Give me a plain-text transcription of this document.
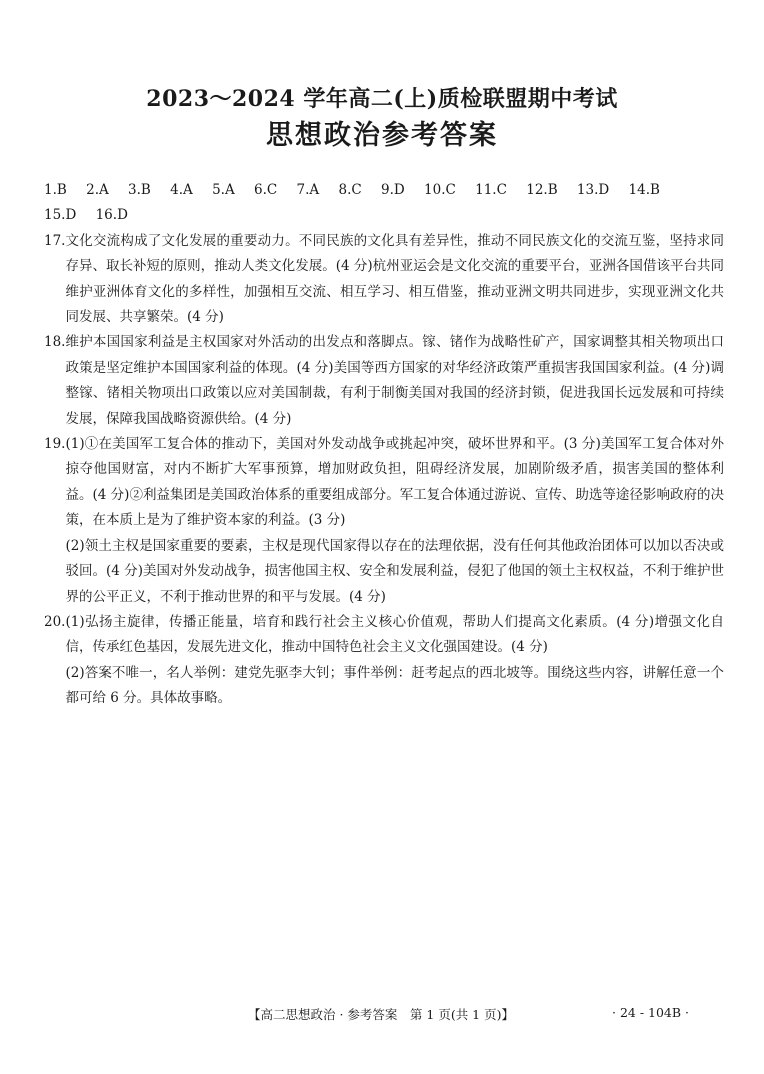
2023～2024 学年高二(上)质检联盟期中考试
思想政治参考答案
1.B 2.A 3.B 4.A 5.A 6.C 7.A 8.C 9.D 10.C 11.C 12.B 13.D 14.B
15.D 16.D
17. 文化交流构成了文化发展的重要动力。不同民族的文化具有差异性，推动不同民族文化的交流互鉴，坚持求同存异、取长补短的原则，推动人类文化发展。(4 分)杭州亚运会是文化交流的重要平台，亚洲各国借该平台共同维护亚洲体育文化的多样性，加强相互交流、相互学习、相互借鉴，推动亚洲文明共同进步，实现亚洲文化共同发展、共享繁荣。(4 分)

18. 维护本国国家利益是主权国家对外活动的出发点和落脚点。镓、锗作为战略性矿产，国家调整其相关物项出口政策是坚定维护本国国家利益的体现。(4 分)美国等西方国家的对华经济政策严重损害我国国家利益。(4 分)调整镓、锗相关物项出口政策以应对美国制裁，有利于制衡美国对我国的经济封锁，促进我国长远发展和可持续发展，保障我国战略资源供给。(4 分)

19. (1)①在美国军工复合体的推动下，美国对外发动战争或挑起冲突，破坏世界和平。(3 分)美国军工复合体对外掠夺他国财富，对内不断扩大军事预算，增加财政负担，阻碍经济发展，加剧阶级矛盾，损害美国的整体利益。(4 分)②利益集团是美国政治体系的重要组成部分。军工复合体通过游说、宣传、助选等途径影响政府的决策，在本质上是为了维护资本家的利益。(3 分)

(2)领土主权是国家重要的要素，主权是现代国家得以存在的法理依据，没有任何其他政治团体可以加以否决或驳回。(4 分)美国对外发动战争，损害他国主权、安全和发展利益，侵犯了他国的领土主权权益，不利于维护世界的公平正义，不利于推动世界的和平与发展。(4 分)

20. (1)弘扬主旋律，传播正能量，培育和践行社会主义核心价值观，帮助人们提高文化素质。(4 分)增强文化自信，传承红色基因，发展先进文化，推动中国特色社会主义文化强国建设。(4 分)

(2)答案不唯一，名人举例：建党先驱李大钊；事件举例：赶考起点的西北坡等。围绕这些内容，讲解任意一个都可给 6 分。具体故事略。

【高二思想政治 · 参考答案　第 1 页(共 1 页)】	· 24 - 104B ·
